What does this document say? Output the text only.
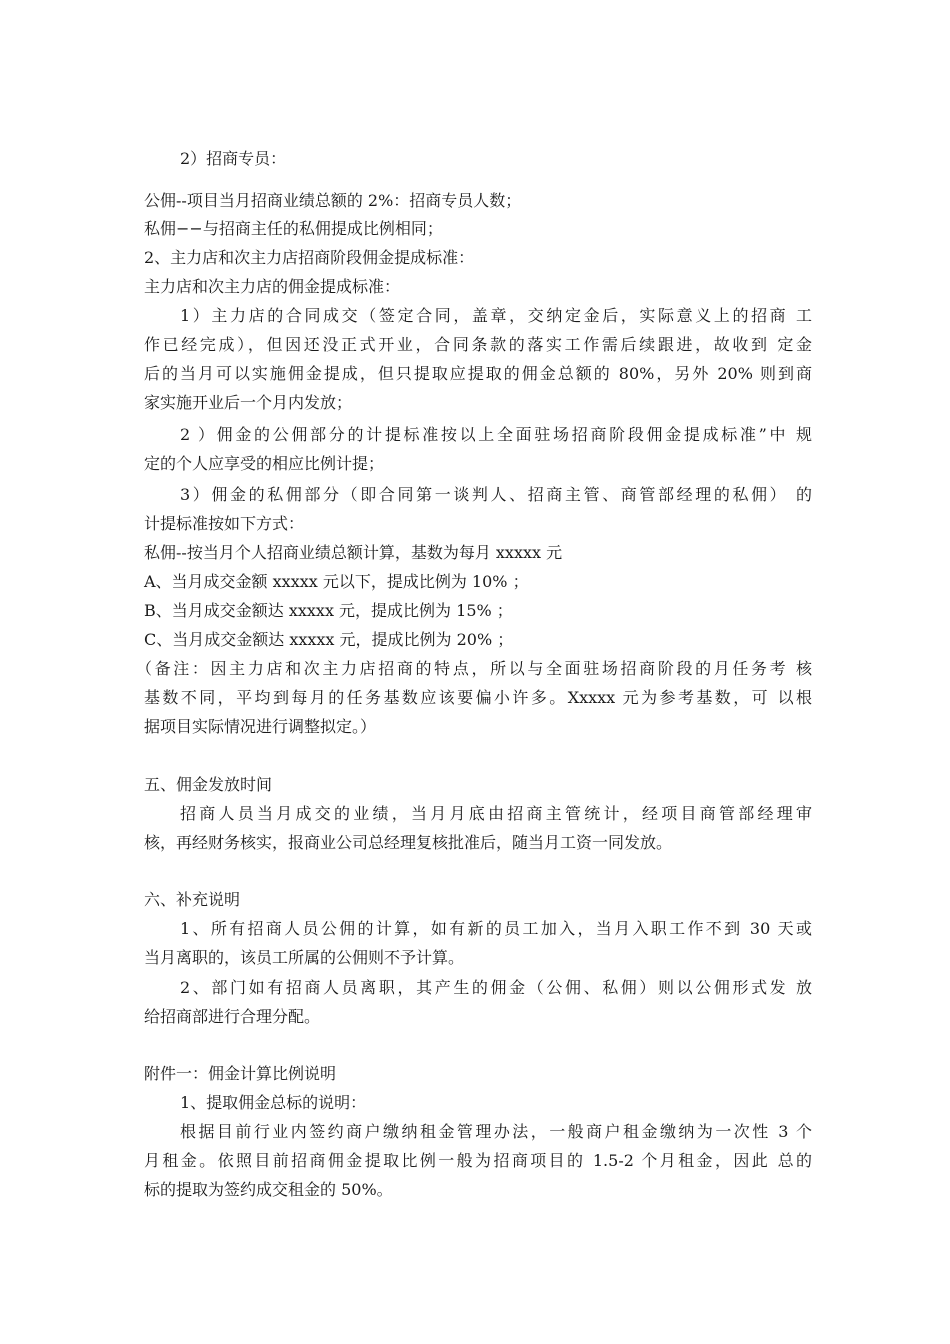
2）招商专员：
公佣--项目当月招商业绩总额的 2%：招商专员人数；
私佣−−与招商主任的私佣提成比例相同；
2、主力店和次主力店招商阶段佣金提成标准：
主力店和次主力店的佣金提成标准：
1）主力店的合同成交（签定合同，盖章，交纳定金后，实际意义上的招商 工
作已经完成），但因还没正式开业，合同条款的落实工作需后续跟进，故收到 定金
后的当月可以实施佣金提成，但只提取应提取的佣金总额的 80%，另外 20% 则到商
家实施开业后一个月内发放；
2 ）佣金的公佣部分的计提标准按以上全面驻场招商阶段佣金提成标准”中 规
定的个人应享受的相应比例计提；
3）佣金的私佣部分（即合同第一谈判人、招商主管、商管部经理的私佣） 的
计提标准按如下方式：
私佣--按当月个人招商业绩总额计算，基数为每月 xxxxx 元
A、当月成交金额 xxxxx 元以下，提成比例为 10% ；
B、当月成交金额达 xxxxx 元，提成比例为 15% ；
C、当月成交金额达 xxxxx 元，提成比例为 20% ；
（备注：因主力店和次主力店招商的特点，所以与全面驻场招商阶段的月任务考 核
基数不同，平均到每月的任务基数应该要偏小许多。Xxxxx 元为参考基数，可 以根
据项目实际情况进行调整拟定。）
五、佣金发放时间
招商人员当月成交的业绩，当月月底由招商主管统计，经项目商管部经理审
核，再经财务核实，报商业公司总经理复核批准后，随当月工资一同发放。
六、补充说明
1、所有招商人员公佣的计算，如有新的员工加入，当月入职工作不到 30 天或
当月离职的，该员工所属的公佣则不予计算。
2、部门如有招商人员离职，其产生的佣金（公佣、私佣）则以公佣形式发 放
给招商部进行合理分配。
附件一：佣金计算比例说明
1、提取佣金总标的说明：
根据目前行业内签约商户缴纳租金管理办法，一般商户租金缴纳为一次性 3 个
月租金。依照目前招商佣金提取比例一般为招商项目的 1.5-2 个月租金，因此 总的
标的提取为签约成交租金的 50%。
